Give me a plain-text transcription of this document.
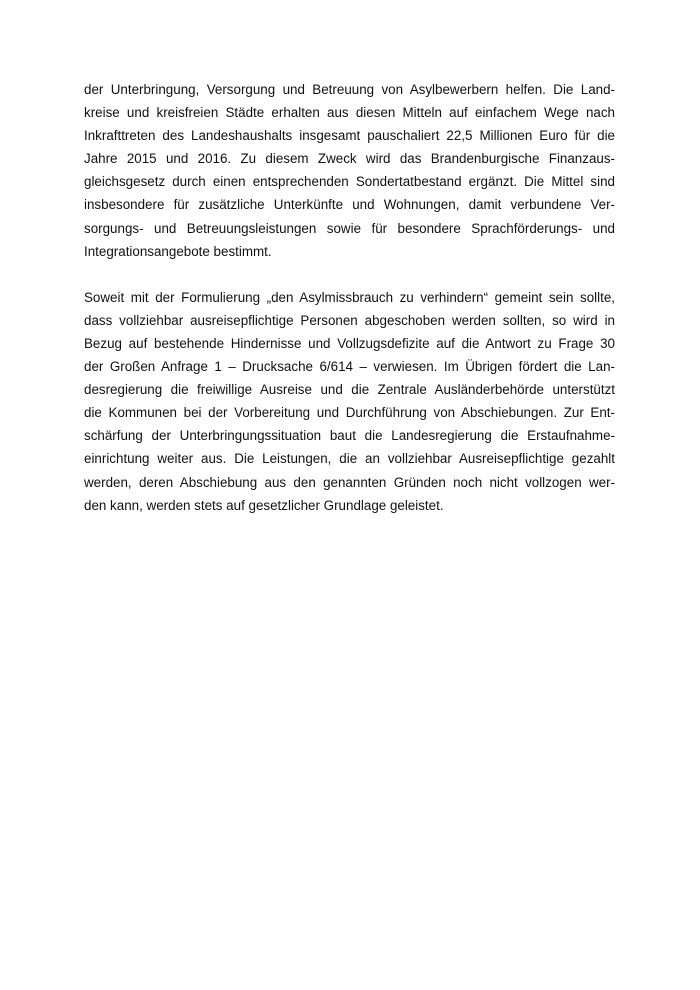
der Unterbringung, Versorgung und Betreuung von Asylbewerbern helfen. Die Land-
kreise und kreisfreien Städte erhalten aus diesen Mitteln auf einfachem Wege nach
Inkrafttreten des Landeshaushalts insgesamt pauschaliert 22,5 Millionen Euro für die
Jahre 2015 und 2016. Zu diesem Zweck wird das Brandenburgische Finanzaus-
gleichsgesetz durch einen entsprechenden Sondertatbestand ergänzt. Die Mittel sind
insbesondere für zusätzliche Unterkünfte und Wohnungen, damit verbundene Ver-
sorgungs- und Betreuungsleistungen sowie für besondere Sprachförderungs- und
Integrationsangebote bestimmt.
Soweit mit der Formulierung „den Asylmissbrauch zu verhindern“ gemeint sein sollte,
dass vollziehbar ausreisepflichtige Personen abgeschoben werden sollten, so wird in
Bezug auf bestehende Hindernisse und Vollzugsdefizite auf die Antwort zu Frage 30
der Großen Anfrage 1 – Drucksache 6/614 – verwiesen. Im Übrigen fördert die Lan-
desregierung die freiwillige Ausreise und die Zentrale Ausländerbehörde unterstützt
die Kommunen bei der Vorbereitung und Durchführung von Abschiebungen. Zur Ent-
schärfung der Unterbringungssituation baut die Landesregierung die Erstaufnahme-
einrichtung weiter aus. Die Leistungen, die an vollziehbar Ausreisepflichtige gezahlt
werden, deren Abschiebung aus den genannten Gründen noch nicht vollzogen wer-
den kann, werden stets auf gesetzlicher Grundlage geleistet.
